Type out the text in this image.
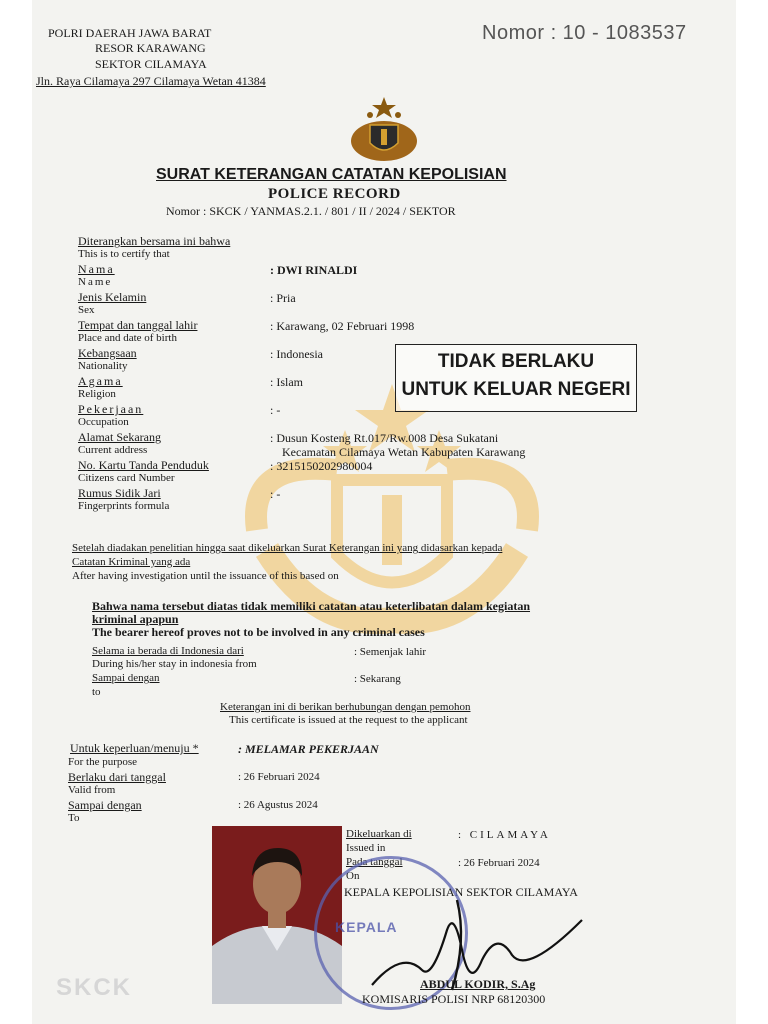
POLRI DAERAH JAWA BARAT
RESOR KARAWANG
SEKTOR CILAMAYA
Jln. Raya Cilamaya 297 Cilamaya Wetan 41384
Nomor : 10 - 1083537
SURAT KETERANGAN CATATAN KEPOLISIAN
POLICE RECORD
Nomor : SKCK / YANMAS.2.1. / 801 / II / 2024 / SEKTOR
TIDAK BERLAKU
UNTUK KELUAR NEGERI
Diterangkan bersama ini bahwa
This is to certify that
Nama
Name
: DWI RINALDI
Jenis Kelamin
Sex
: Pria
Tempat dan tanggal lahir
Place and date of birth
: Karawang, 02 Februari 1998
Kebangsaan
Nationality
: Indonesia
Agama
Religion
: Islam
Pekerjaan
Occupation
: -
Alamat Sekarang
Current address
: Dusun Kosteng Rt.017/Rw.008 Desa Sukatani
Kecamatan Cilamaya Wetan Kabupaten Karawang
No. Kartu Tanda Penduduk
Citizens card Number
: 3215150202980004
Rumus Sidik Jari
Fingerprints formula
: -
Setelah diadakan penelitian hingga saat dikeluarkan Surat Keterangan ini yang didasarkan kepada
Catatan Kriminal yang ada
After having investigation until the issuance of this based on
Bahwa nama tersebut diatas tidak memiliki catatan atau keterlibatan dalam kegiatan
kriminal apapun
The bearer hereof proves not to be involved in any criminal cases
Selama ia berada di Indonesia dari
During his/her stay in indonesia from
: Semenjak lahir
Sampai dengan
to
: Sekarang
Keterangan ini di berikan berhubungan dengan pemohon
This certificate is issued at the request to the applicant
Untuk keperluan/menuju *
For the purpose
: MELAMAR PEKERJAAN
Berlaku dari tanggal
Valid from
: 26 Februari 2024
Sampai dengan
To
: 26 Agustus 2024
Dikeluarkan di
Issued in
: CILAMAYA
Pada tanggal
On
: 26 Februari 2024
KEPALA KEPOLISIAN SEKTOR CILAMAYA
KEPALA
ABDUL KODIR, S.Ag
KOMISARIS POLISI NRP 68120300
SKCK
